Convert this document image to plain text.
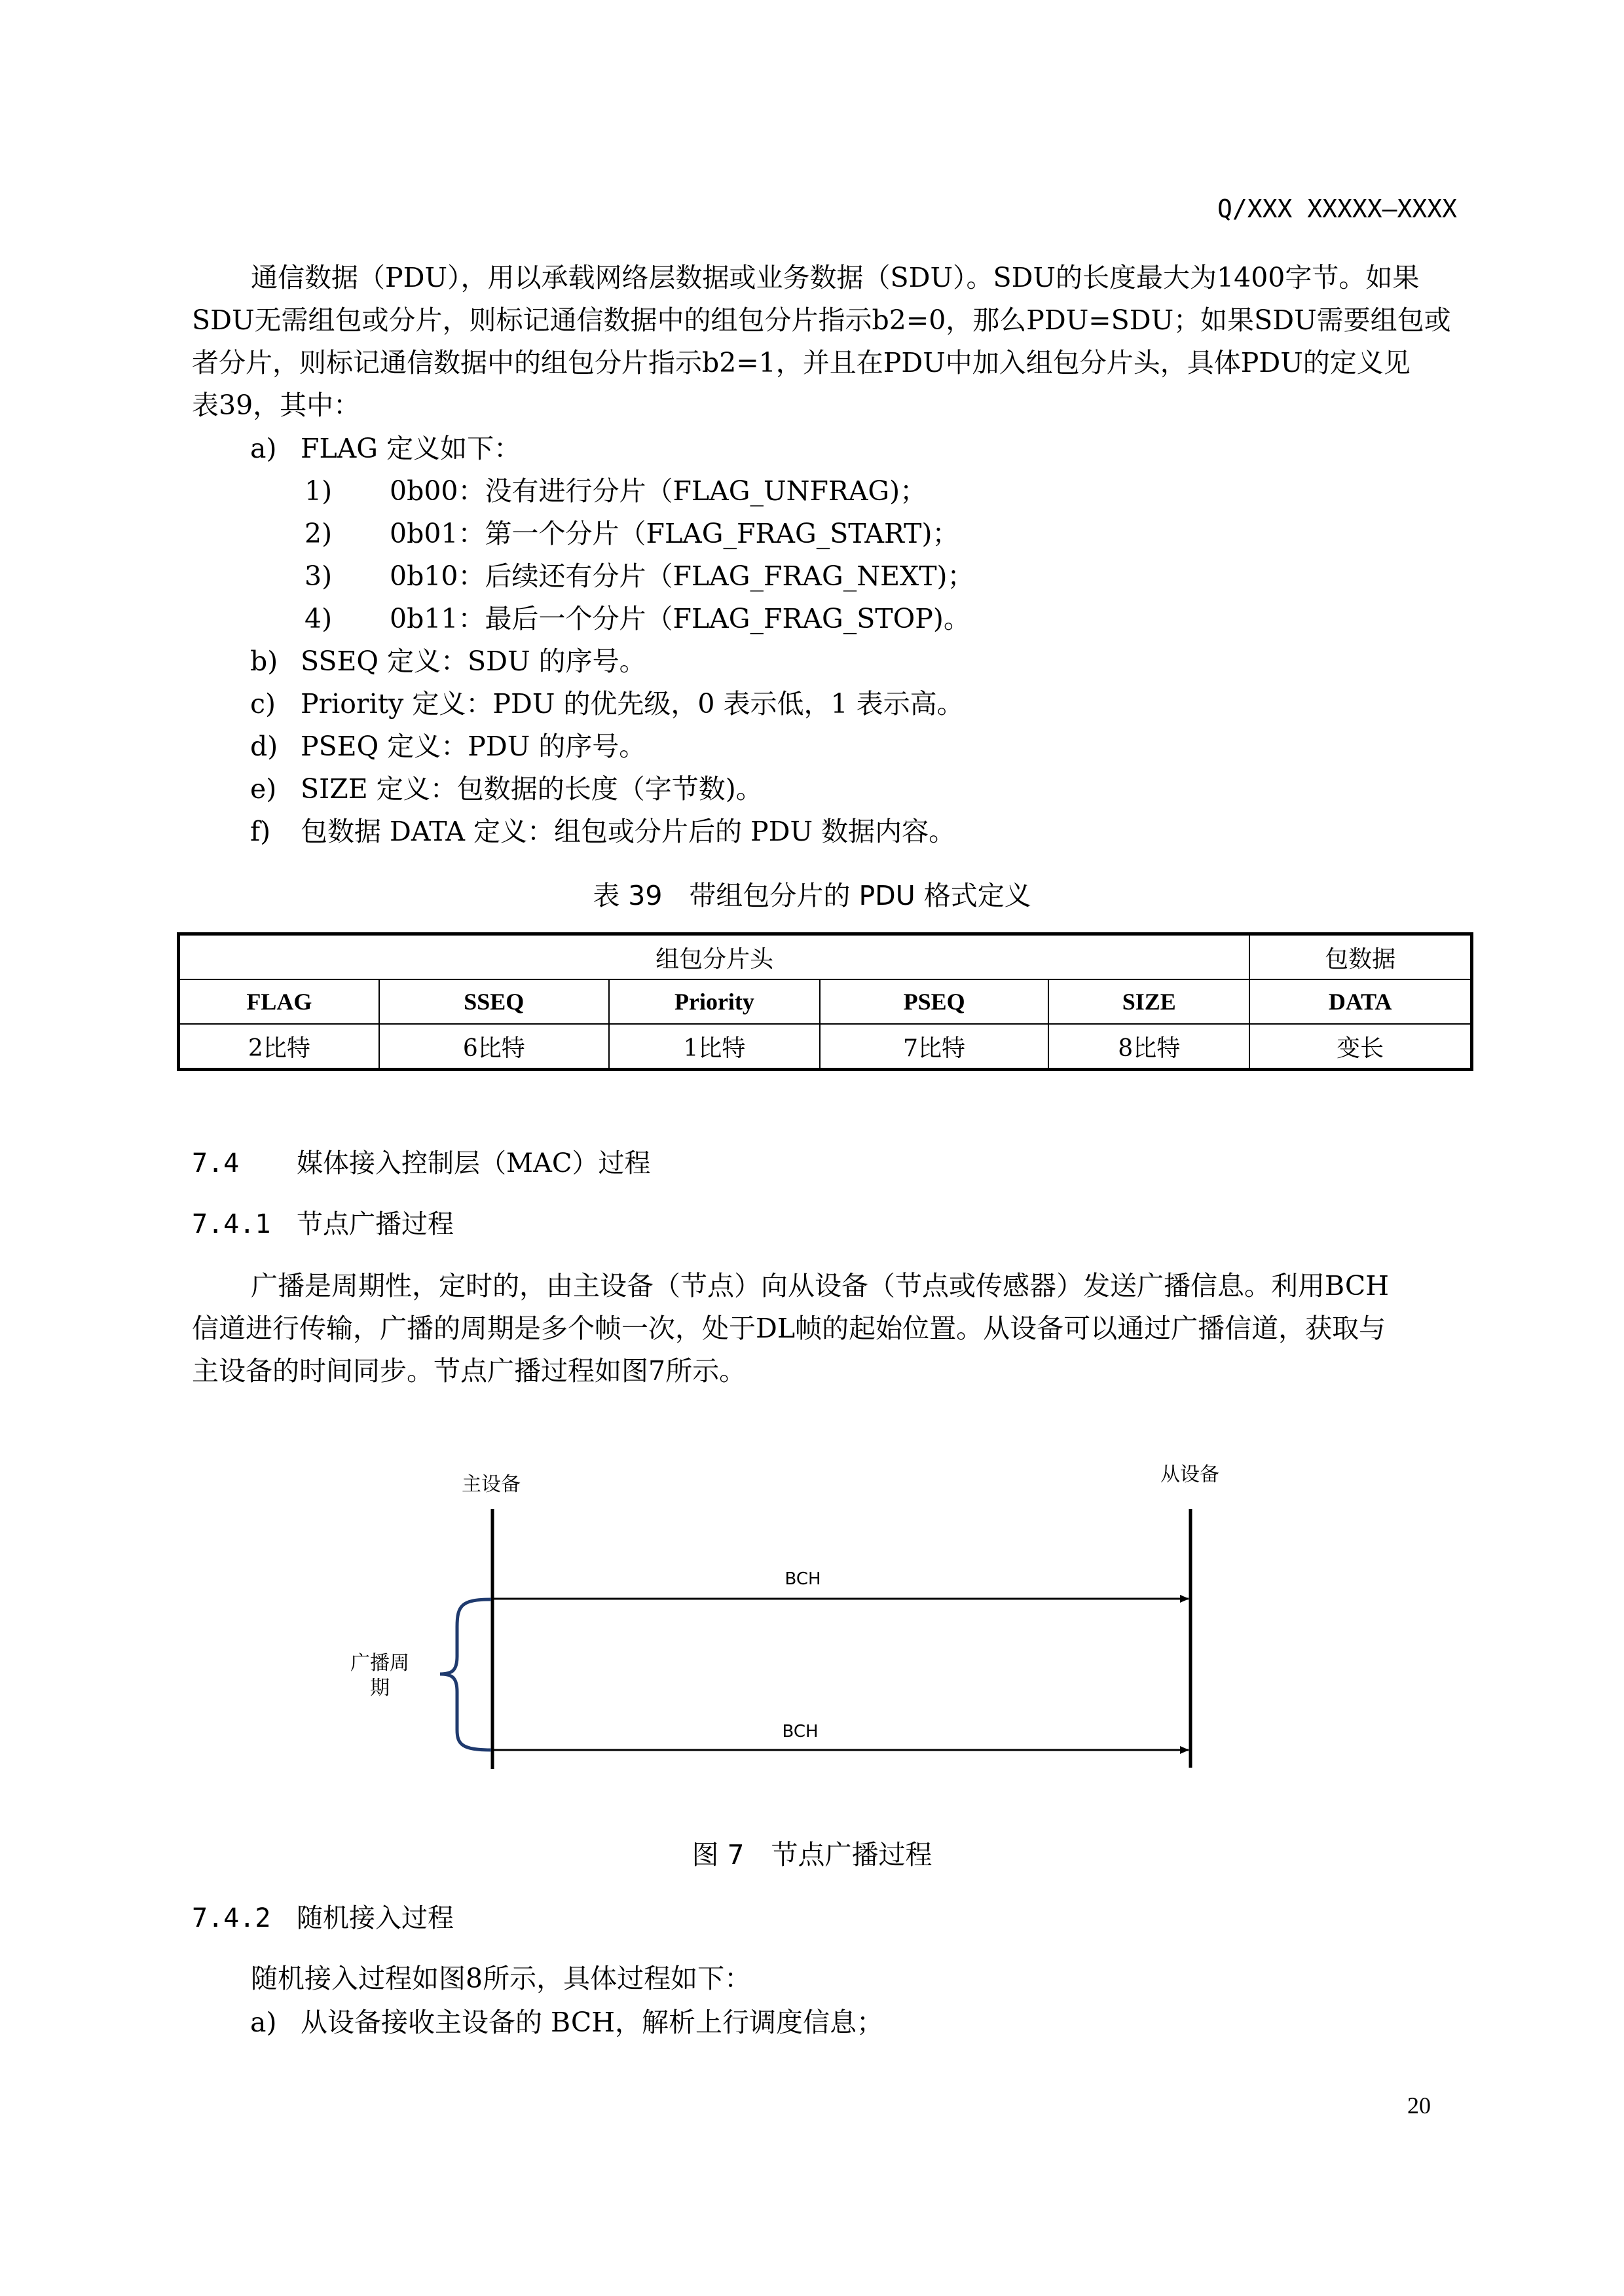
Q/XXX XXXXX—XXXX
通信数据（PDU），用以承载网络层数据或业务数据（SDU）。SDU的长度最大为1400字节。如果
SDU无需组包或分片，则标记通信数据中的组包分片指示b2=0，那么PDU=SDU；如果SDU需要组包或
者分片，则标记通信数据中的组包分片指示b2=1，并且在PDU中加入组包分片头，具体PDU的定义见
表39，其中：
a) FLAG 定义如下：
1) 0b00：没有进行分片（FLAG_UNFRAG)；
2) 0b01：第一个分片（FLAG_FRAG_START)；
3) 0b10：后续还有分片（FLAG_FRAG_NEXT)；
4) 0b11：最后一个分片（FLAG_FRAG_STOP)。
b) SSEQ 定义：SDU 的序号。
c) Priority 定义：PDU 的优先级，0 表示低，1 表示高。
d) PSEQ 定义：PDU 的序号。
e) SIZE 定义：包数据的长度（字节数)。
f) 包数据 DATA 定义：组包或分片后的 PDU 数据内容。
表 39　带组包分片的 PDU 格式定义
组包分片头					包数据
FLAG	SSEQ	Priority	PSEQ	SIZE	DATA
2比特	6比特	1比特	7比特	8比特	变长
7.4 媒体接入控制层（MAC）过程
7.4.1 节点广播过程
广播是周期性，定时的，由主设备（节点）向从设备（节点或传感器）发送广播信息。利用BCH
信道进行传输，广播的周期是多个帧一次，处于DL帧的起始位置。从设备可以通过广播信道，获取与
主设备的时间同步。节点广播过程如图7所示。
主设备	从设备
BCH
BCH
广播周
期
图 7　节点广播过程
7.4.2 随机接入过程
随机接入过程如图8所示，具体过程如下：
a) 从设备接收主设备的 BCH，解析上行调度信息；
20
